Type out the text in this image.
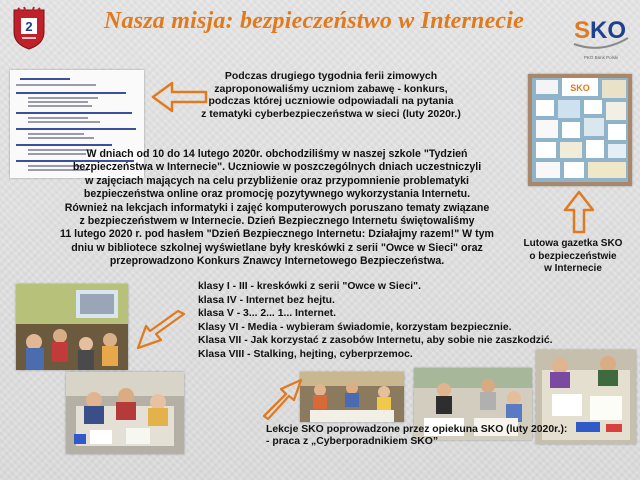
2	Nasza misja: bezpieczeństwo w Internecie	S KO
PKO Bank Polski
Podczas drugiego tygodnia ferii zimowych
zaproponowaliśmy uczniom zabawę - konkurs,
podczas której uczniowie odpowiadali na pytania
z tematyki cyberbezpieczeństwa w sieci (luty 2020r.)
SKO
W dniach od 10 do 14 lutego 2020r. obchodziliśmy w naszej szkole "Tydzień
bezpieczeństwa w Internecie". Uczniowie w poszczególnych dniach uczestniczyli
w zajęciach mających na celu przybliżenie oraz przypomnienie problematyki
bezpieczeństwa online oraz promocję pozytywnego wykorzystania Internetu.
Również na lekcjach informatyki i zajęć komputerowych poruszano tematy związane
z bezpieczeństwem w Internecie. Dzień Bezpiecznego Internetu świętowaliśmy
11 lutego 2020 r. pod hasłem "Dzień Bezpiecznego Internetu: Działajmy razem!" W tym
dniu w bibliotece szkolnej wyświetlane były kreskówki z serii "Owce w Sieci" oraz
przeprowadzono Konkurs Znawcy Internetowego Bezpieczeństwa.
Lutowa gazetka SKO
o bezpieczeństwie
w Internecie
klasy I - III - kreskówki z serii "Owce w Sieci".
klasa IV - Internet bez hejtu.
klasa V - 3... 2... 1... Internet.
Klasy VI - Media - wybieram świadomie, korzystam bezpiecznie.
Klasa VII - Jak korzystać z zasobów Internetu, aby sobie nie zaszkodzić.
Klasa VIII - Stalking, hejting, cyberprzemoc.
Lekcje SKO poprowadzone przez opiekuna SKO (luty 2020r.):
- praca z „Cyberporadnikiem SKO”
